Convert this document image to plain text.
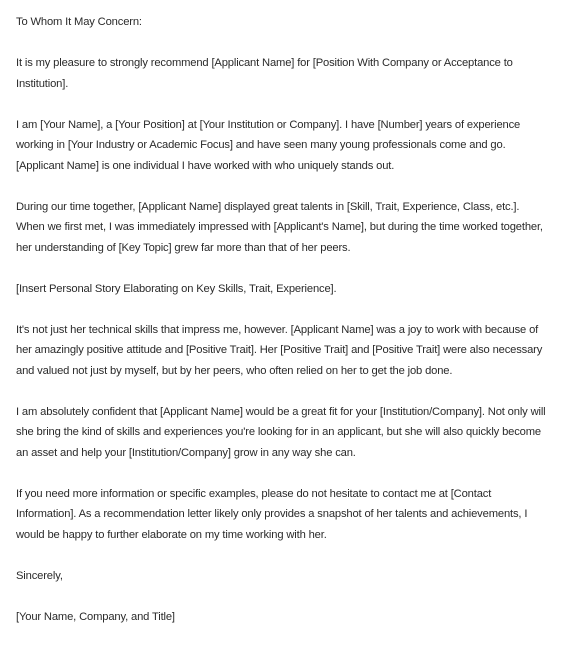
To Whom It May Concern:

It is my pleasure to strongly recommend [Applicant Name] for [Position With Company or Acceptance to Institution].

I am [Your Name], a [Your Position] at [Your Institution or Company]. I have [Number] years of experience working in [Your Industry or Academic Focus] and have seen many young professionals come and go. [Applicant Name] is one individual I have worked with who uniquely stands out.

During our time together, [Applicant Name] displayed great talents in [Skill, Trait, Experience, Class, etc.]. When we first met, I was immediately impressed with [Applicant's Name], but during the time worked together, her understanding of [Key Topic] grew far more than that of her peers.

[Insert Personal Story Elaborating on Key Skills, Trait, Experience].

It's not just her technical skills that impress me, however. [Applicant Name] was a joy to work with because of her amazingly positive attitude and [Positive Trait]. Her [Positive Trait] and [Positive Trait] were also necessary and valued not just by myself, but by her peers, who often relied on her to get the job done.

I am absolutely confident that [Applicant Name] would be a great fit for your [Institution/Company]. Not only will she bring the kind of skills and experiences you're looking for in an applicant, but she will also quickly become an asset and help your [Institution/Company] grow in any way she can.

If you need more information or specific examples, please do not hesitate to contact me at [Contact Information]. As a recommendation letter likely only provides a snapshot of her talents and achievements, I would be happy to further elaborate on my time working with her.

Sincerely,

[Your Name, Company, and Title]
